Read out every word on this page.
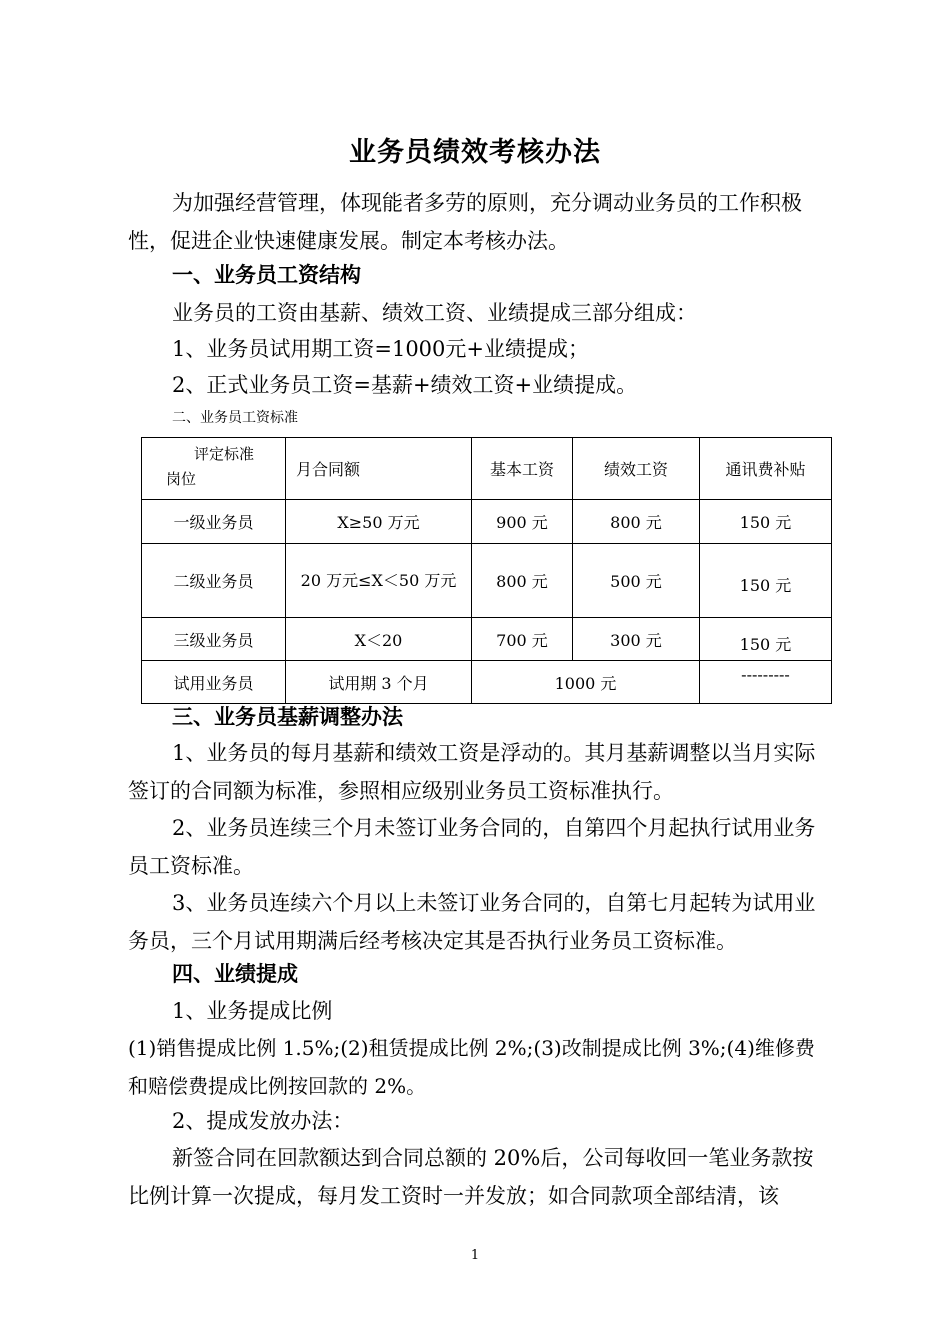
业务员绩效考核办法

为加强经营管理，体现能者多劳的原则，充分调动业务员的工作积极性，促进企业快速健康发展。制定本考核办法。

一、业务员工资结构

业务员的工资由基薪、绩效工资、业绩提成三部分组成：

1、业务员试用期工资=1000元+业绩提成；

2、正式业务员工资=基薪+绩效工资+业绩提成。

二、业务员工资标准
评定标准
岗位	月合同额	基本工资	绩效工资	通讯费补贴
一级业务员	X≥50 万元	900 元	800 元	150 元
二级业务员	20 万元≤X＜50 万元	800 元	500 元	150 元
三级业务员	X＜20	700 元	300 元	150 元
试用业务员	试用期 3 个月	1000 元		---------

三、业务员基薪调整办法

1、业务员的每月基薪和绩效工资是浮动的。其月基薪调整以当月实际签订的合同额为标准，参照相应级别业务员工资标准执行。

2、业务员连续三个月未签订业务合同的，自第四个月起执行试用业务员工资标准。

3、业务员连续六个月以上未签订业务合同的，自第七月起转为试用业务员，三个月试用期满后经考核决定其是否执行业务员工资标准。

四、业绩提成

1、业务提成比例

(1)销售提成比例 1.5%;(2)租赁提成比例 2%;(3)改制提成比例 3%;(4)维修费和赔偿费提成比例按回款的 2%。

2、提成发放办法：

新签合同在回款额达到合同总额的 20%后，公司每收回一笔业务款按比例计算一次提成，每月发工资时一并发放；如合同款项全部结清，该

1
